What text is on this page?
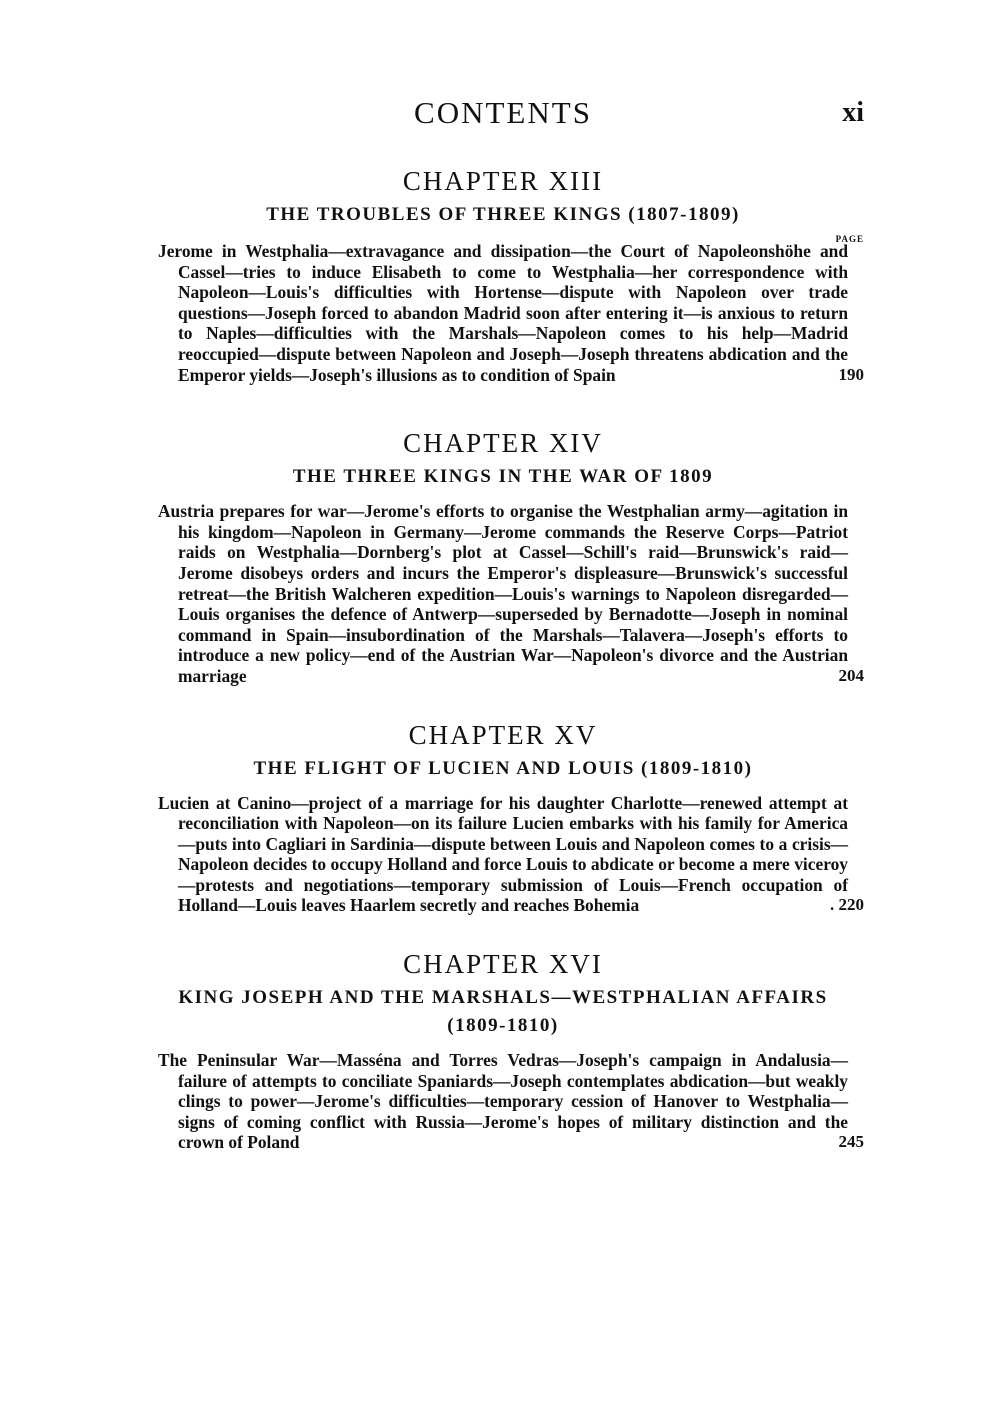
CONTENTS	xi
CHAPTER XIII
THE TROUBLES OF THREE KINGS (1807-1809)
PAGE

Jerome in Westphalia—extravagance and dissipation—the Court of Napoleonshöhe and Cassel—tries to induce Elisabeth to come to Westphalia—her correspondence with Napoleon—Louis's difficulties with Hortense—dispute with Napoleon over trade questions—Joseph forced to abandon Madrid soon after entering it—is anxious to return to Naples—difficulties with the Marshals—Napoleon comes to his help—Madrid reoccupied—dispute between Napoleon and Joseph—Joseph threatens abdication and the Emperor yields—Joseph's illusions as to condition of Spain	190
CHAPTER XIV
THE THREE KINGS IN THE WAR OF 1809

Austria prepares for war—Jerome's efforts to organise the Westphalian army—agitation in his kingdom—Napoleon in Germany—Jerome commands the Reserve Corps—Patriot raids on Westphalia—Dornberg's plot at Cassel—Schill's raid—Brunswick's raid—Jerome disobeys orders and incurs the Emperor's displeasure—Brunswick's successful retreat—the British Walcheren expedition—Louis's warnings to Napoleon disregarded—Louis organises the defence of Antwerp—superseded by Bernadotte—Joseph in nominal command in Spain—insubordination of the Marshals—Talavera—Joseph's efforts to introduce a new policy—end of the Austrian War—Napoleon's divorce and the Austrian marriage	204
CHAPTER XV
THE FLIGHT OF LUCIEN AND LOUIS (1809-1810)

Lucien at Canino—project of a marriage for his daughter Charlotte—renewed attempt at reconciliation with Napoleon—on its failure Lucien embarks with his family for America—puts into Cagliari in Sardinia—dispute between Louis and Napoleon comes to a crisis—Napoleon decides to occupy Holland and force Louis to abdicate or become a mere viceroy—protests and negotiations—temporary submission of Louis—French occupation of Holland—Louis leaves Haarlem secretly and reaches Bohemia	. 220
CHAPTER XVI
KING JOSEPH AND THE MARSHALS—WESTPHALIAN AFFAIRS (1809-1810)

The Peninsular War—Masséna and Torres Vedras—Joseph's campaign in Andalusia—failure of attempts to conciliate Spaniards—Joseph contemplates abdication—but weakly clings to power—Jerome's difficulties—temporary cession of Hanover to Westphalia—signs of coming conflict with Russia—Jerome's hopes of military distinction and the crown of Poland	245
